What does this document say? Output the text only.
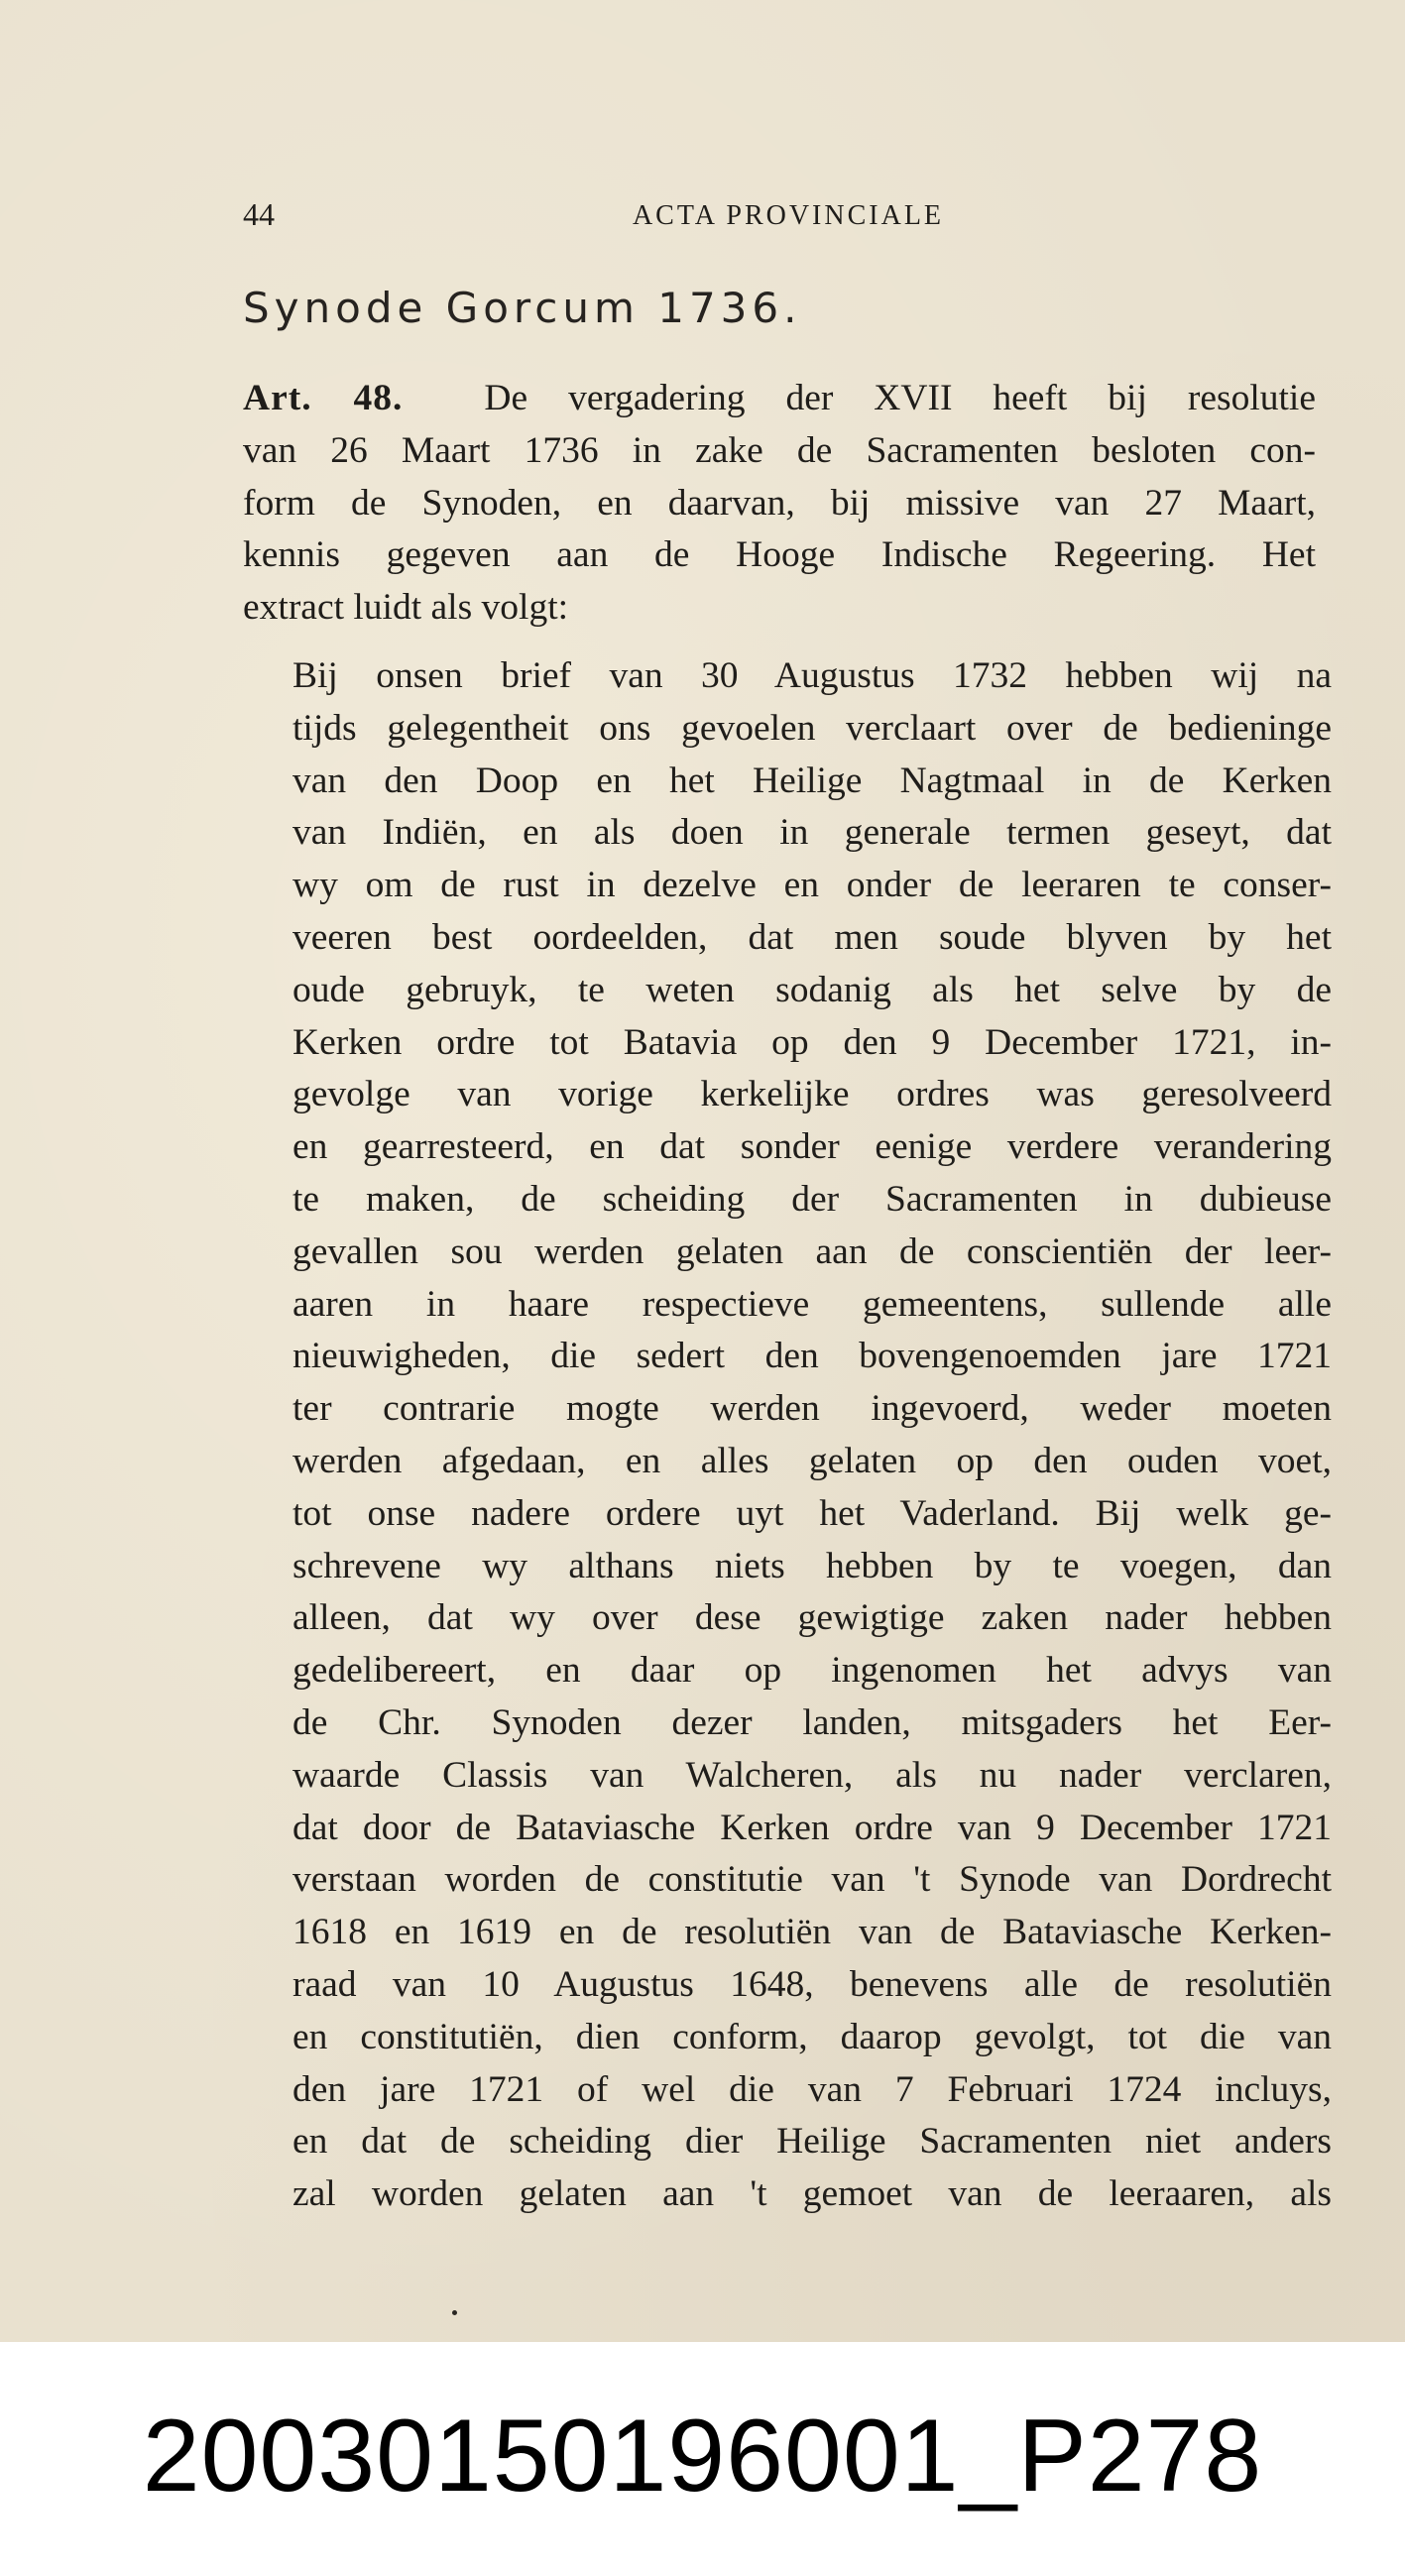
44	ACTA PROVINCIALE
Synode Gorcum 1736.
Art. 48. De vergadering der XVII heeft bij resolutie
van 26 Maart 1736 in zake de Sacramenten besloten con-
form de Synoden, en daarvan, bij missive van 27 Maart,
kennis gegeven aan de Hooge Indische Regeering. Het
extract luidt als volgt:
Bij onsen brief van 30 Augustus 1732 hebben wij na
tijds gelegentheit ons gevoelen verclaart over de bedieninge
van den Doop en het Heilige Nagtmaal in de Kerken
van Indiën, en als doen in generale termen geseyt, dat
wy om de rust in dezelve en onder de leeraren te conser-
veeren best oordeelden, dat men soude blyven by het
oude gebruyk, te weten sodanig als het selve by de
Kerken ordre tot Batavia op den 9 December 1721, in-
gevolge van vorige kerkelijke ordres was geresolveerd
en gearresteerd, en dat sonder eenige verdere verandering
te maken, de scheiding der Sacramenten in dubieuse
gevallen sou werden gelaten aan de conscientiën der leer-
aaren in haare respectieve gemeentens, sullende alle
nieuwigheden, die sedert den bovengenoemden jare 1721
ter contrarie mogte werden ingevoerd, weder moeten
werden afgedaan, en alles gelaten op den ouden voet,
tot onse nadere ordere uyt het Vaderland. Bij welk ge-
schrevene wy althans niets hebben by te voegen, dan
alleen, dat wy over dese gewigtige zaken nader hebben
gedelibereert, en daar op ingenomen het advys van
de Chr. Synoden dezer landen, mitsgaders het Eer-
waarde Classis van Walcheren, als nu nader verclaren,
dat door de Bataviasche Kerken ordre van 9 December 1721
verstaan worden de constitutie van 't Synode van Dordrecht
1618 en 1619 en de resolutiën van de Bataviasche Kerken-
raad van 10 Augustus 1648, benevens alle de resolutiën
en constitutiën, dien conform, daarop gevolgt, tot die van
den jare 1721 of wel die van 7 Februari 1724 incluys,
en dat de scheiding dier Heilige Sacramenten niet anders
zal worden gelaten aan 't gemoet van de leeraaren, als
20030150196001_P278
